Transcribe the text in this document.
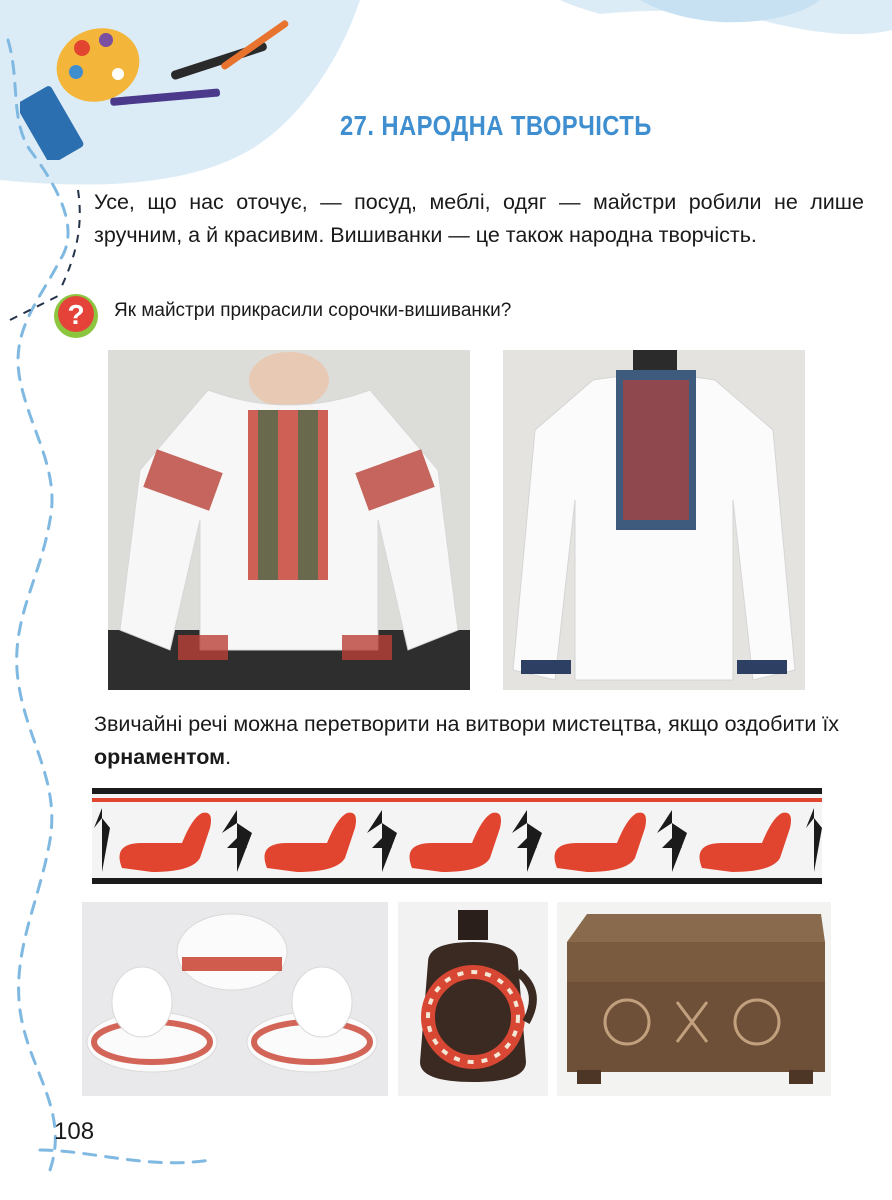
27. НАРОДНА ТВОРЧІСТЬ
Усе, що нас оточує, — посуд, меблі, одяг — майстри робили не лише зручним, а й красивим. Вишиванки — це також народна творчість.
? Як майстри прикрасили сорочки-вишиванки?
Звичайні речі можна перетворити на витвори мистецтва, якщо оздобити їх орнаментом.
108
